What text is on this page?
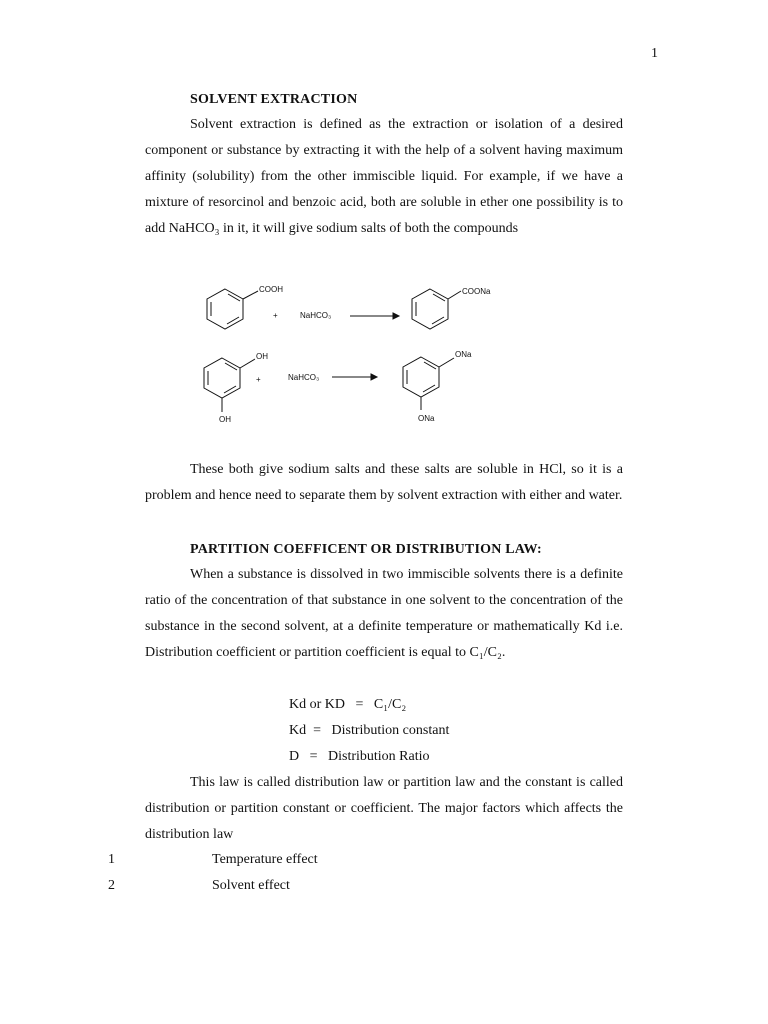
1
SOLVENT EXTRACTION

Solvent extraction is defined as the extraction or isolation of a desired component or substance by extracting it with the help of a solvent having maximum affinity (solubility) from the other immiscible liquid. For example, if we have a mixture of resorcinol and benzoic acid, both are soluble in ether one possibility is to add NaHCO₃ in it, it will give sodium salts of both the compounds

COOH
+	NaHCO₃
COONa
OH
+	NaHCO₃
OH
ONa
ONa

These both give sodium salts and these salts are soluble in HCl, so it is a problem and hence need to separate them by solvent extraction with either and water.

PARTITION COEFFICENT OR DISTRIBUTION LAW:

When a substance is dissolved in two immiscible solvents there is a definite ratio of the concentration of that substance in one solvent to the concentration of the substance in the second solvent, at a definite temperature or mathematically Kd i.e. Distribution coefficient or partition coefficient is equal to C₁/C₂.

Kd or KD   =   C₁/C₂
Kd  =   Distribution constant
D   =   Distribution Ratio

This law is called distribution law or partition law and the constant is called distribution or partition constant or coefficient. The major factors which affects the distribution law

1	Temperature effect
2	Solvent effect
